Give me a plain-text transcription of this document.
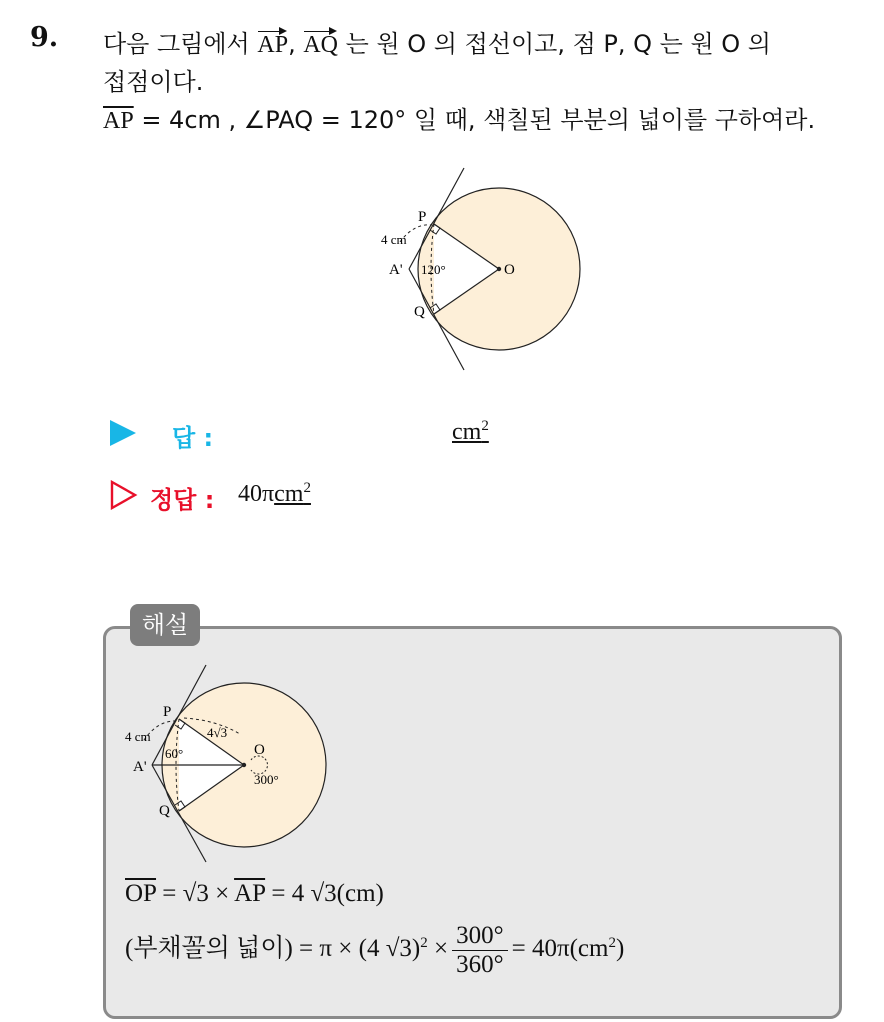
9. 다음 그림에서 AP, AQ 는 원 O 의 접선이고, 점 P, Q 는 원 O 의
접점이다.
$\overline{AP} = 4cm$ , ∠PAQ = 120° 일 때, 색칠된 부분의 넓이를 구하여라.
P
Q
A'	O
4 cm
120°
답 :	$cm^2$
정답 : 40πcm$^2$
해설
P
Q
A'
O
4 cm
60°
4√3
300°
$\overline{OP} = √3 \times \overline{AP} = 4$ √3(cm)
(부채꼴의 넓이) = π × (4 $√3)^2 \times \frac{300^\circ}{360^\circ} = 40\pi(cm^2)$
